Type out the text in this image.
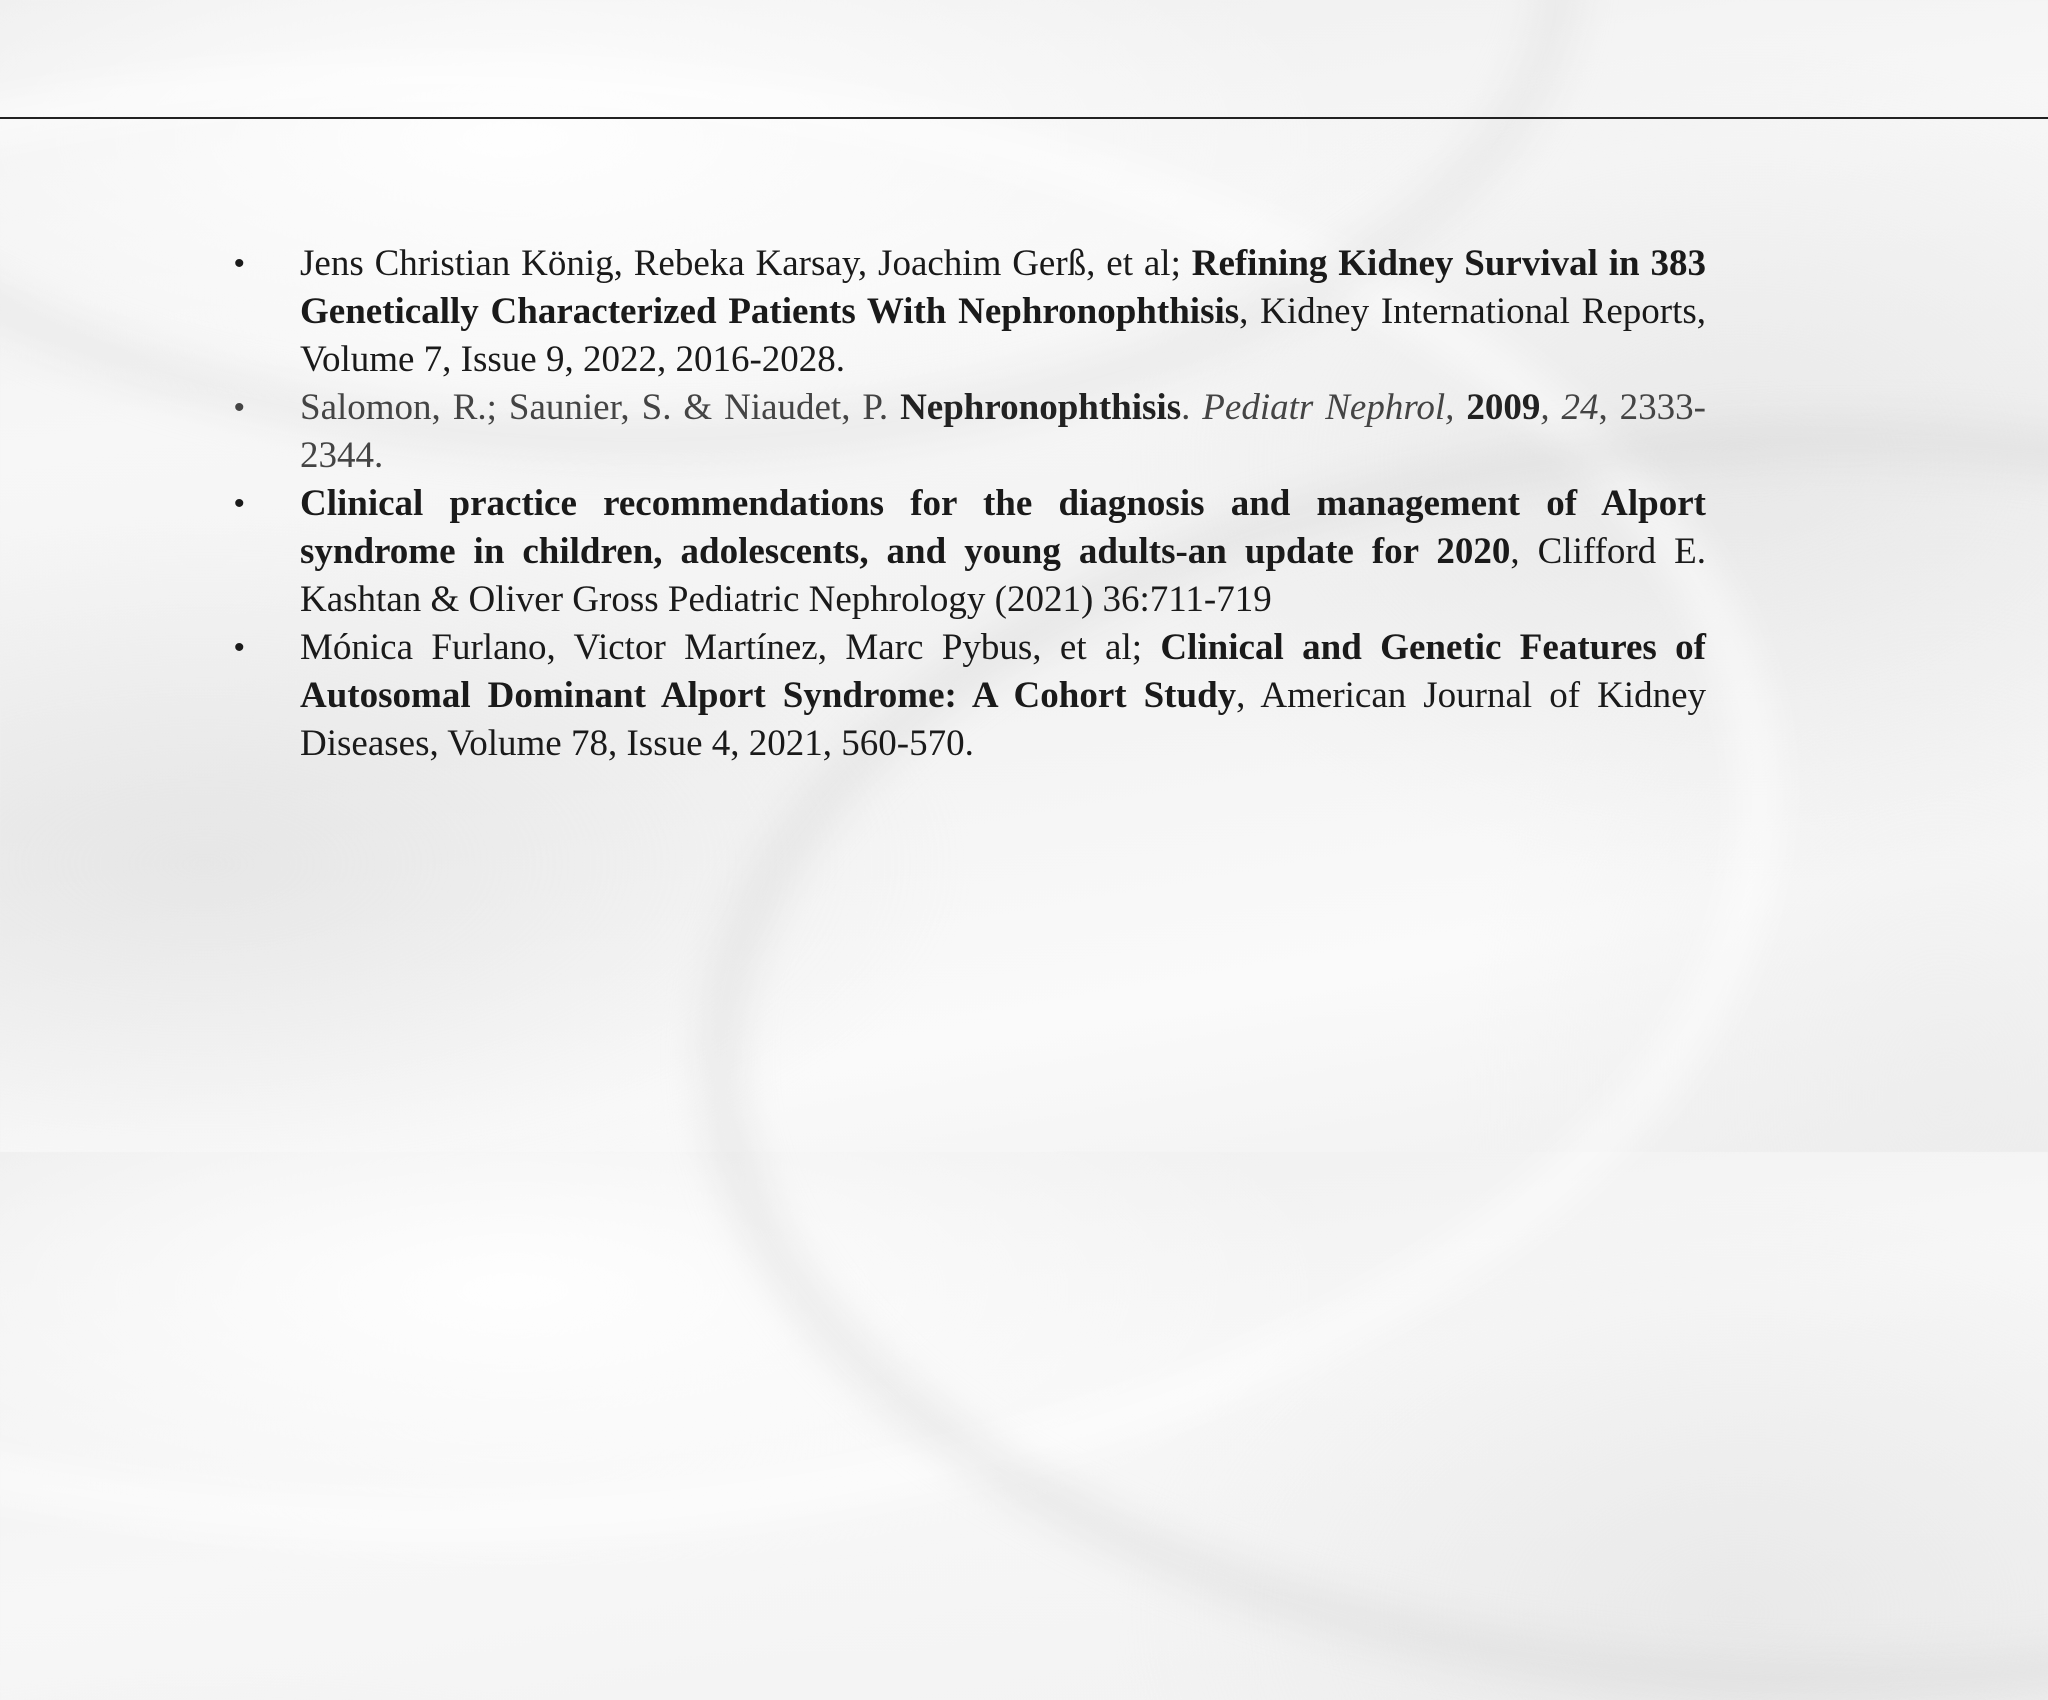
• Jens Christian König, Rebeka Karsay, Joachim Gerß, et al; Refining Kidney Survival in 383 Genetically Characterized Patients With Nephronophthisis, Kidney International Reports, Volume 7, Issue 9, 2022, 2016-2028.
• Salomon, R.; Saunier, S. & Niaudet, P. Nephronophthisis. Pediatr Nephrol, 2009, 24, 2333-2344.
• Clinical practice recommendations for the diagnosis and management of Alport syndrome in children, adolescents, and young adults-an update for 2020, Clifford E. Kashtan & Oliver Gross Pediatric Nephrology (2021) 36:711-719
• Mónica Furlano, Victor Martínez, Marc Pybus, et al; Clinical and Genetic Features of Autosomal Dominant Alport Syndrome: A Cohort Study, American Journal of Kidney Diseases, Volume 78, Issue 4, 2021, 560-570.
